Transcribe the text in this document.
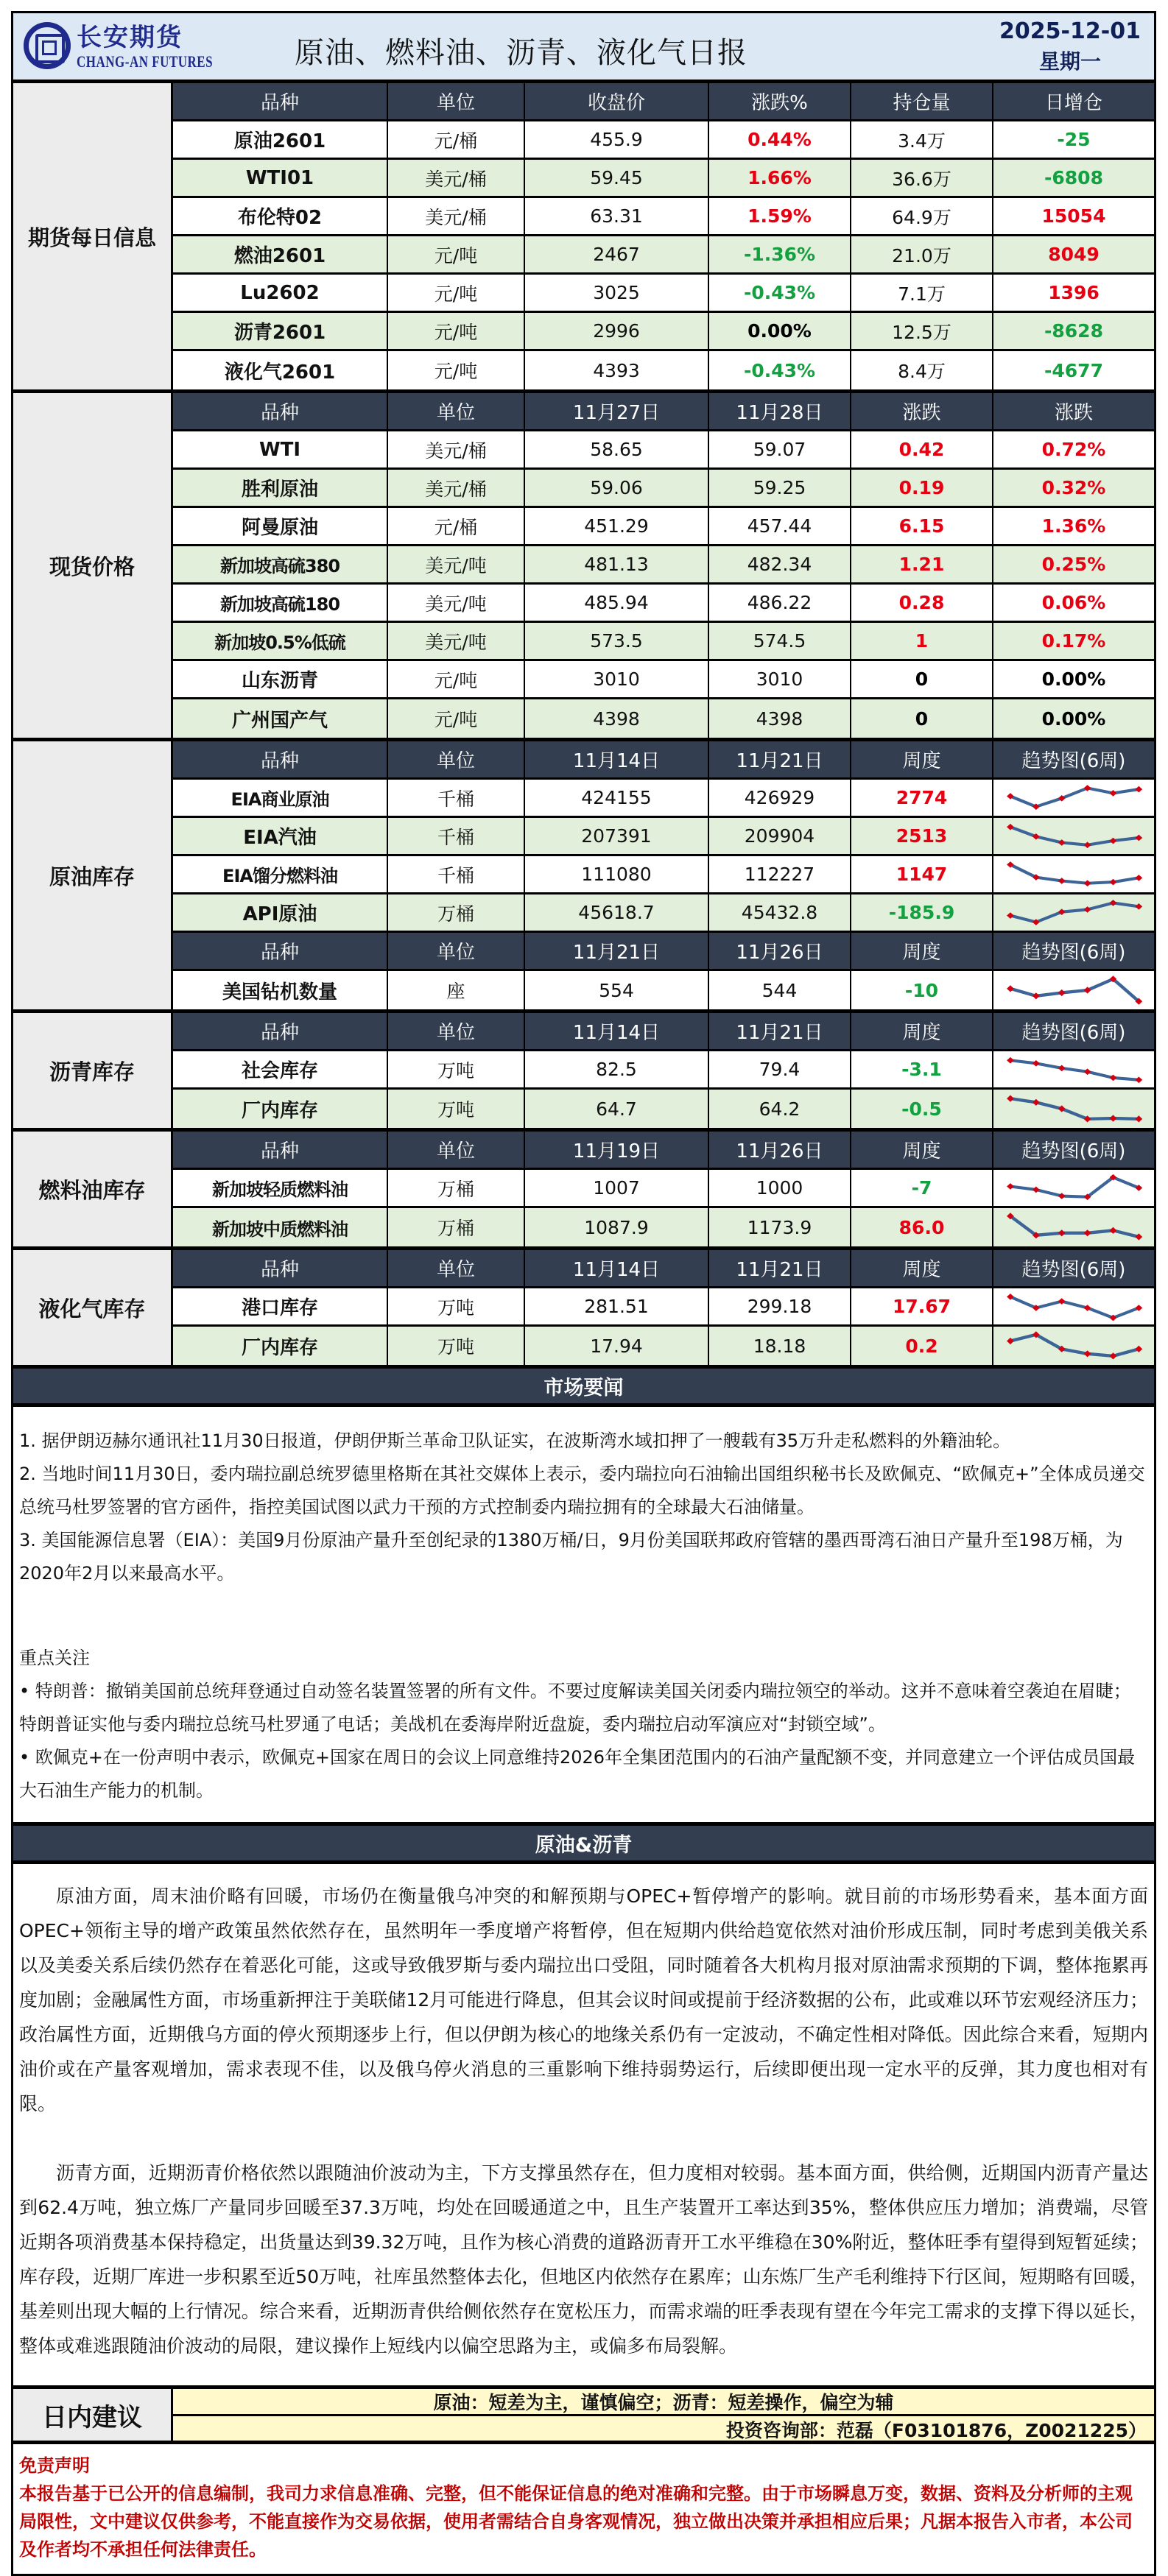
长安期货
CHANG-AN FUTURES	原油、燃料油、沥青、液化气日报
2025-12-01
星期一
期货每日信息
品种	单位	收盘价	涨跌%	持仓量	日增仓
原油2601	元/桶	455.9	0.44%	3.4万	-25
WTI01	美元/桶	59.45	1.66%	36.6万	-6808
布伦特02	美元/桶	63.31	1.59%	64.9万	15054
燃油2601	元/吨	2467	-1.36%	21.0万	8049
Lu2602	元/吨	3025	-0.43%	7.1万	1396
沥青2601	元/吨	2996	0.00%	12.5万	-8628
液化气2601	元/吨	4393	-0.43%	8.4万	-4677
现货价格
品种	单位	11月27日	11月28日	涨跌	涨跌
WTI	美元/桶	58.65	59.07	0.42	0.72%
胜利原油	美元/桶	59.06	59.25	0.19	0.32%
阿曼原油	元/桶	451.29	457.44	6.15	1.36%
新加坡高硫380	美元/吨	481.13	482.34	1.21	0.25%
新加坡高硫180	美元/吨	485.94	486.22	0.28	0.06%
新加坡0.5%低硫	美元/吨	573.5	574.5	1	0.17%
山东沥青	元/吨	3010	3010	0	0.00%
广州国产气	元/吨	4398	4398	0	0.00%
原油库存
品种	单位	11月14日	11月21日	周度	趋势图(6周)
EIA商业原油	千桶	424155	426929	2774
EIA汽油	千桶	207391	209904	2513
EIA馏分燃料油	千桶	111080	112227	1147
API原油	万桶	45618.7	45432.8	-185.9
品种	单位	11月21日	11月26日	周度	趋势图(6周)
美国钻机数量	座	554	544	-10
沥青库存
品种	单位	11月14日	11月21日	周度	趋势图(6周)
社会库存	万吨	82.5	79.4	-3.1
厂内库存	万吨	64.7	64.2	-0.5
燃料油库存
品种	单位	11月19日	11月26日	周度	趋势图(6周)
新加坡轻质燃料油	万桶	1007	1000	-7
新加坡中质燃料油	万桶	1087.9	1173.9	86.0
液化气库存
品种	单位	11月14日	11月21日	周度	趋势图(6周)
港口库存	万吨	281.51	299.18	17.67
厂内库存	万吨	17.94	18.18	0.2
市场要闻

1. 据伊朗迈赫尔通讯社11月30日报道，伊朗伊斯兰革命卫队证实，在波斯湾水域扣押了一艘载有35万升走私燃料的外籍油轮。

2. 当地时间11月30日，委内瑞拉副总统罗德里格斯在其社交媒体上表示，委内瑞拉向石油输出国组织秘书长及欧佩克、“欧佩克+”全体成员递交总统马杜罗签署的官方函件，指控美国试图以武力干预的方式控制委内瑞拉拥有的全球最大石油储量。

3. 美国能源信息署（EIA）：美国9月份原油产量升至创纪录的1380万桶/日，9月份美国联邦政府管辖的墨西哥湾石油日产量升至198万桶，为2020年2月以来最高水平。

重点关注

• 特朗普：撤销美国前总统拜登通过自动签名装置签署的所有文件。不要过度解读美国关闭委内瑞拉领空的举动。这并不意味着空袭迫在眉睫；特朗普证实他与委内瑞拉总统马杜罗通了电话；美战机在委海岸附近盘旋，委内瑞拉启动军演应对“封锁空域”。

• 欧佩克+在一份声明中表示，欧佩克+国家在周日的会议上同意维持2026年全集团范围内的石油产量配额不变，并同意建立一个评估成员国最大石油生产能力的机制。

原油&沥青

原油方面，周末油价略有回暖，市场仍在衡量俄乌冲突的和解预期与OPEC+暂停增产的影响。就目前的市场形势看来，基本面方面OPEC+领衔主导的增产政策虽然依然存在，虽然明年一季度增产将暂停，但在短期内供给趋宽依然对油价形成压制，同时考虑到美俄关系以及美委关系后续仍然存在着恶化可能，这或导致俄罗斯与委内瑞拉出口受阻，同时随着各大机构月报对原油需求预期的下调，整体拖累再度加剧；金融属性方面，市场重新押注于美联储12月可能进行降息，但其会议时间或提前于经济数据的公布，此或难以环节宏观经济压力；政治属性方面，近期俄乌方面的停火预期逐步上行，但以伊朗为核心的地缘关系仍有一定波动，不确定性相对降低。因此综合来看，短期内油价或在产量客观增加，需求表现不佳，以及俄乌停火消息的三重影响下维持弱势运行，后续即便出现一定水平的反弹，其力度也相对有限。

沥青方面，近期沥青价格依然以跟随油价波动为主，下方支撑虽然存在，但力度相对较弱。基本面方面，供给侧，近期国内沥青产量达到62.4万吨，独立炼厂产量同步回暖至37.3万吨，均处在回暖通道之中，且生产装置开工率达到35%，整体供应压力增加；消费端，尽管近期各项消费基本保持稳定，出货量达到39.32万吨，且作为核心消费的道路沥青开工水平维稳在30%附近，整体旺季有望得到短暂延续；库存段，近期厂库进一步积累至近50万吨，社库虽然整体去化，但地区内依然存在累库；山东炼厂生产毛利维持下行区间，短期略有回暖，基差则出现大幅的上行情况。综合来看，近期沥青供给侧依然存在宽松压力，而需求端的旺季表现有望在今年完工需求的支撑下得以延长，整体或难逃跟随油价波动的局限，建议操作上短线内以偏空思路为主，或偏多布局裂解。

日内建议	原油：短差为主，谨慎偏空；沥青：短差操作，偏空为辅
投资咨询部：范磊（F03101876，Z0021225）
免责声明
本报告基于已公开的信息编制，我司力求信息准确、完整，但不能保证信息的绝对准确和完整。由于市场瞬息万变，数据、资料及分析师的主观局限性，文中建议仅供参考，不能直接作为交易依据，使用者需结合自身客观情况，独立做出决策并承担相应后果；凡据本报告入市者，本公司及作者均不承担任何法律责任。
